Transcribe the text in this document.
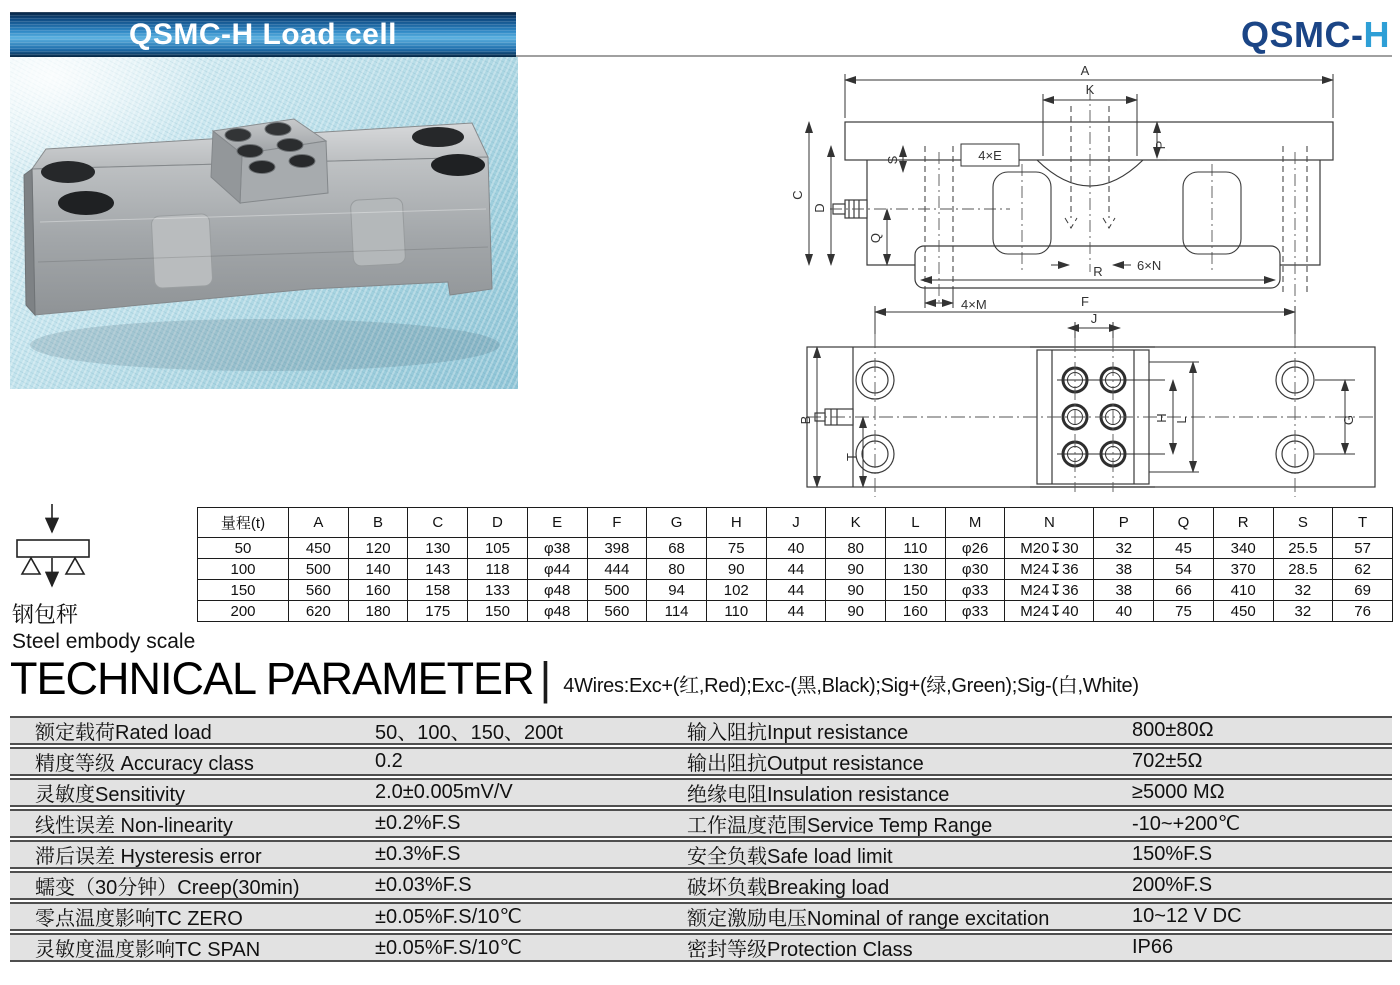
QSMC-H Load cell	QSMC-H
A
K
P
S
C
D
Q
4×E
6×N
R
4×M	F
J
B
T
H L	G
钢包秤
Steel embody scale
量程(t)	A	B	C	D	E	F	G	H	J	K	L	M	N	P	Q	R	S	T
50	450	120	130	105	φ38	398	68	75	40	80	110	φ26	M20↧30	32	45	340	25.5	57
100	500	140	143	118	φ44	444	80	90	44	90	130	φ30	M24↧36	38	54	370	28.5	62
150	560	160	158	133	φ48	500	94	102	44	90	150	φ33	M24↧36	38	66	410	32	69
200	620	180	175	150	φ48	560	114	110	44	90	160	φ33	M24↧40	40	75	450	32	76
TECHNICAL PARAMETER | 4Wires:Exc+(红,Red);Exc-(黑,Black);Sig+(绿,Green);Sig-(白,White)
额定载荷Rated load	50、100、150、200t	输入阻抗Input resistance	800±80Ω
精度等级 Accuracy class	0.2	输出阻抗Output resistance	702±5Ω
灵敏度Sensitivity	2.0±0.005mV/V	绝缘电阻Insulation resistance	≥5000 MΩ
线性误差 Non-linearity	±0.2%F.S	工作温度范围Service Temp Range	-10~+200℃
滞后误差 Hysteresis error	±0.3%F.S	安全负载Safe load limit	150%F.S
蠕变（30分钟）Creep(30min)	±0.03%F.S	破坏负载Breaking load	200%F.S
零点温度影响TC ZERO	±0.05%F.S/10℃	额定激励电压Nominal of range excitation	10~12 V DC
灵敏度温度影响TC SPAN	±0.05%F.S/10℃	密封等级Protection Class	IP66
